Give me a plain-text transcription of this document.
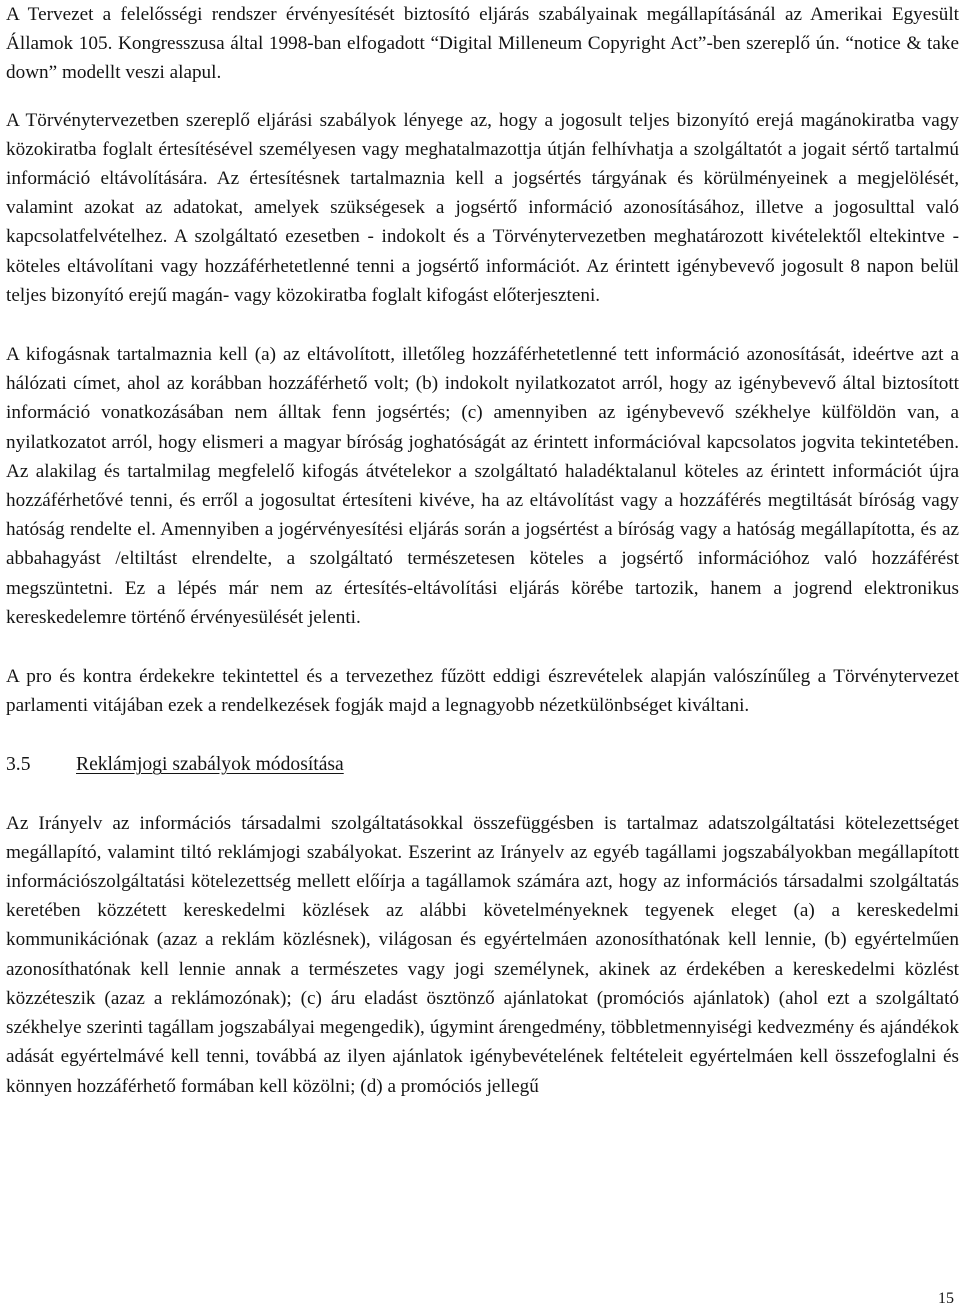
A Tervezet a felelősségi rendszer érvényesítését biztosító eljárás szabályainak megállapításánál az Amerikai Egyesült Államok 105. Kongresszusa által 1998-ban elfogadott “Digital Milleneum Copyright Act”-ben szereplő ún. “notice & take down” modellt veszi alapul.

A Törvénytervezetben szereplő eljárási szabályok lényege az, hogy a jogosult teljes bizonyító erejá magánokiratba vagy közokiratba foglalt értesítésével személyesen vagy meghatalmazottja útján felhívhatja a szolgáltatót a jogait sértő tartalmú információ eltávolítására. Az értesítésnek tartalmaznia kell a jogsértés tárgyának és körülményeinek a megjelölését, valamint azokat az adatokat, amelyek szükségesek a jogsértő információ azonosításához, illetve a jogosulttal való kapcsolatfelvételhez. A szolgáltató ezesetben - indokolt és a Törvénytervezetben meghatározott kivételektől eltekintve - köteles eltávolítani vagy hozzáférhetetlenné tenni a jogsértő információt. Az érintett igénybevevő jogosult 8 napon belül teljes bizonyító erejű magán- vagy közokiratba foglalt kifogást előterjeszteni.

A kifogásnak tartalmaznia kell (a) az eltávolított, illetőleg hozzáférhetetlenné tett információ azonosítását, ideértve azt a hálózati címet, ahol az korábban hozzáférhető volt; (b) indokolt nyilatkozatot arról, hogy az igénybevevő által biztosított információ vonatkozásában nem álltak fenn jogsértés; (c) amennyiben az igénybevevő székhelye külföldön van, a nyilatkozatot arról, hogy elismeri a magyar bíróság joghatóságát az érintett információval kapcsolatos jogvita tekintetében. Az alakilag és tartalmilag megfelelő kifogás átvételekor a szolgáltató haladéktalanul köteles az érintett információt újra hozzáférhetővé tenni, és erről a jogosultat értesíteni kivéve, ha az eltávolítást vagy a hozzáférés megtiltását bíróság vagy hatóság rendelte el. Amennyiben a jogérvényesítési eljárás során a jogsértést a bíróság vagy a hatóság megállapította, és az abbahagyást /eltiltást elrendelte, a szolgáltató természetesen köteles a jogsértő információhoz való hozzáférést megszüntetni. Ez a lépés már nem az értesítés-eltávolítási eljárás körébe tartozik, hanem a jogrend elektronikus kereskedelemre történő érvényesülését jelenti.

A pro és kontra érdekekre tekintettel és a tervezethez fűzött eddigi észrevételek alapján valószínűleg a Törvénytervezet parlamenti vitájában ezek a rendelkezések fogják majd a legnagyobb nézetkülönbséget kiváltani.

3.5	Reklámjogi szabályok módosítása

Az Irányelv az információs társadalmi szolgáltatásokkal összefüggésben is tartalmaz adatszolgáltatási kötelezettséget megállapító, valamint tiltó reklámjogi szabályokat. Eszerint az Irányelv az egyéb tagállami jogszabályokban megállapított információszolgáltatási kötelezettség mellett előírja a tagállamok számára azt, hogy az információs társadalmi szolgáltatás keretében közzétett kereskedelmi közlések az alábbi követelményeknek tegyenek eleget (a) a kereskedelmi kommunikációnak (azaz a reklám közlésnek), világosan és egyértelmáen azonosíthatónak kell lennie, (b) egyértelműen azonosíthatónak kell lennie annak a természetes vagy jogi személynek, akinek az érdekében a kereskedelmi közlést közzéteszik (azaz a reklámozónak); (c) áru eladást ösztönző ajánlatokat (promóciós ajánlatok) (ahol ezt a szolgáltató székhelye szerinti tagállam jogszabályai megengedik), úgymint árengedmény, többletmennyiségi kedvezmény és ajándékok adását egyértelmávé kell tenni, továbbá az ilyen ajánlatok igénybevételének feltételeit egyértelmáen kell összefoglalni és könnyen hozzáférhető formában kell közölni; (d) a promóciós jellegű

15
